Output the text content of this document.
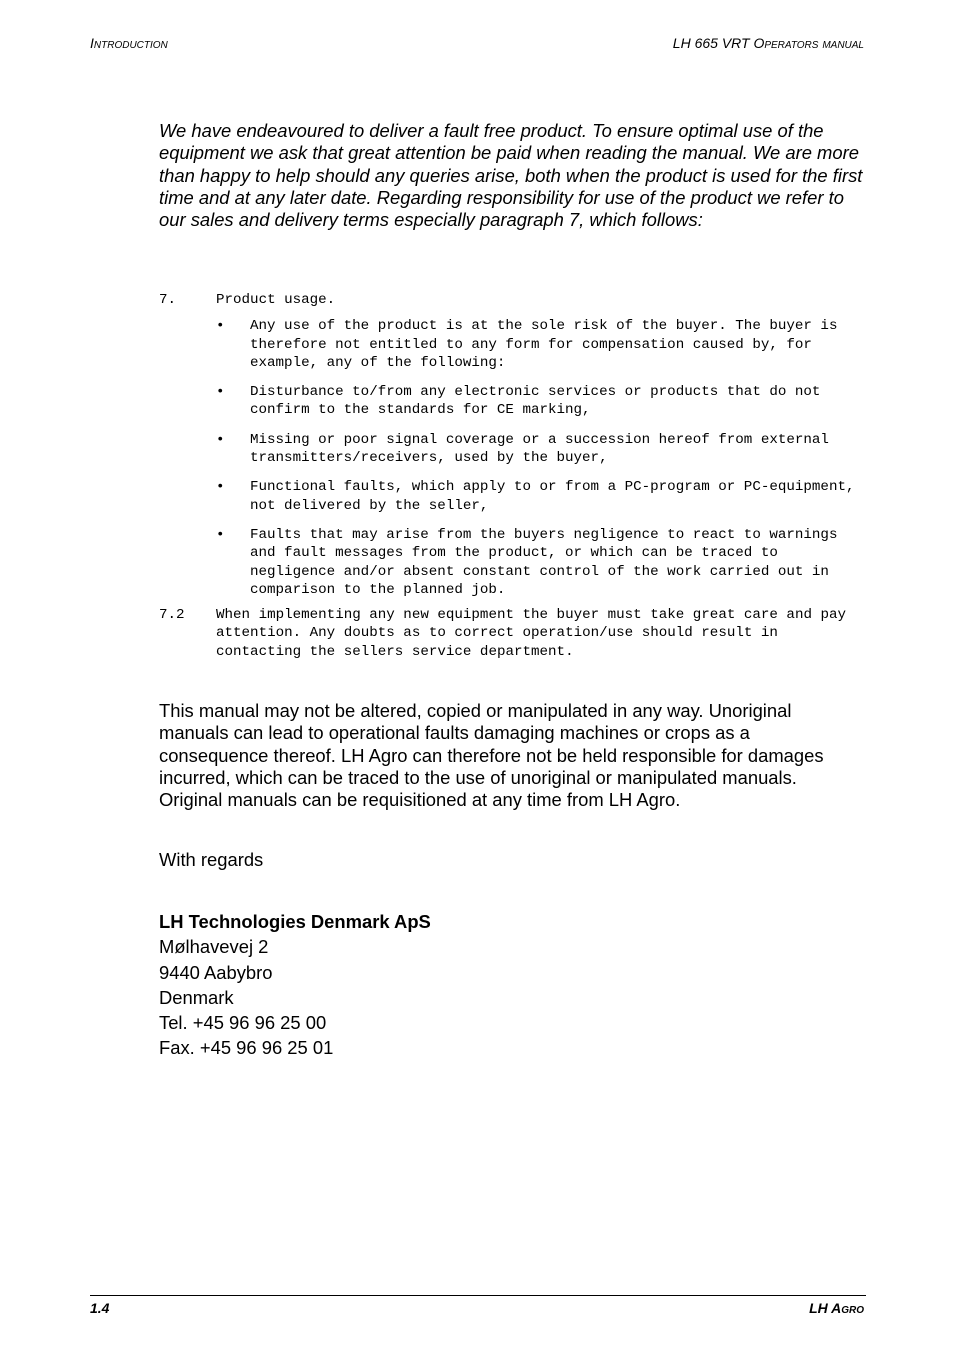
Introduction	LH 665 VRT Operators manual

We have endeavoured to deliver a fault free product. To ensure optimal use of the equipment we ask that great attention be paid when reading the manual. We are more than happy to help should any queries arise, both when the product is used for the first time and at any later date. Regarding responsibility for use of the product we refer to our sales and delivery terms especially paragraph 7, which follows:

7.	Product usage.
• Any use of the product is at the sole risk of the buyer. The buyer is therefore not entitled to any form for compensation caused by, for example, any of the following:
• Disturbance to/from any electronic services or products that do not confirm to the standards for CE marking,
• Missing or poor signal coverage or a succession hereof from external transmitters/receivers, used by the buyer,
• Functional faults, which apply to or from a PC-program or PC-equipment, not delivered by the seller,
• Faults that may arise from the buyers negligence to react to warnings and fault messages from the product, or which can be traced to negligence and/or absent constant control of the work carried out in comparison to the planned job.
7.2 When implementing any new equipment the buyer must take great care and pay attention. Any doubts as to correct operation/use should result in contacting the sellers service department.

This manual may not be altered, copied or manipulated in any way. Unoriginal manuals can lead to operational faults damaging machines or crops as a consequence thereof. LH Agro can therefore not be held responsible for damages incurred, which can be traced to the use of unoriginal or manipulated manuals. Original manuals can be requisitioned at any time from LH Agro.

With regards

LH Technologies Denmark ApS
Mølhavevej 2
9440 Aabybro
Denmark
Tel. +45 96 96 25 00
Fax. +45 96 96 25 01
1.4	LH Agro
